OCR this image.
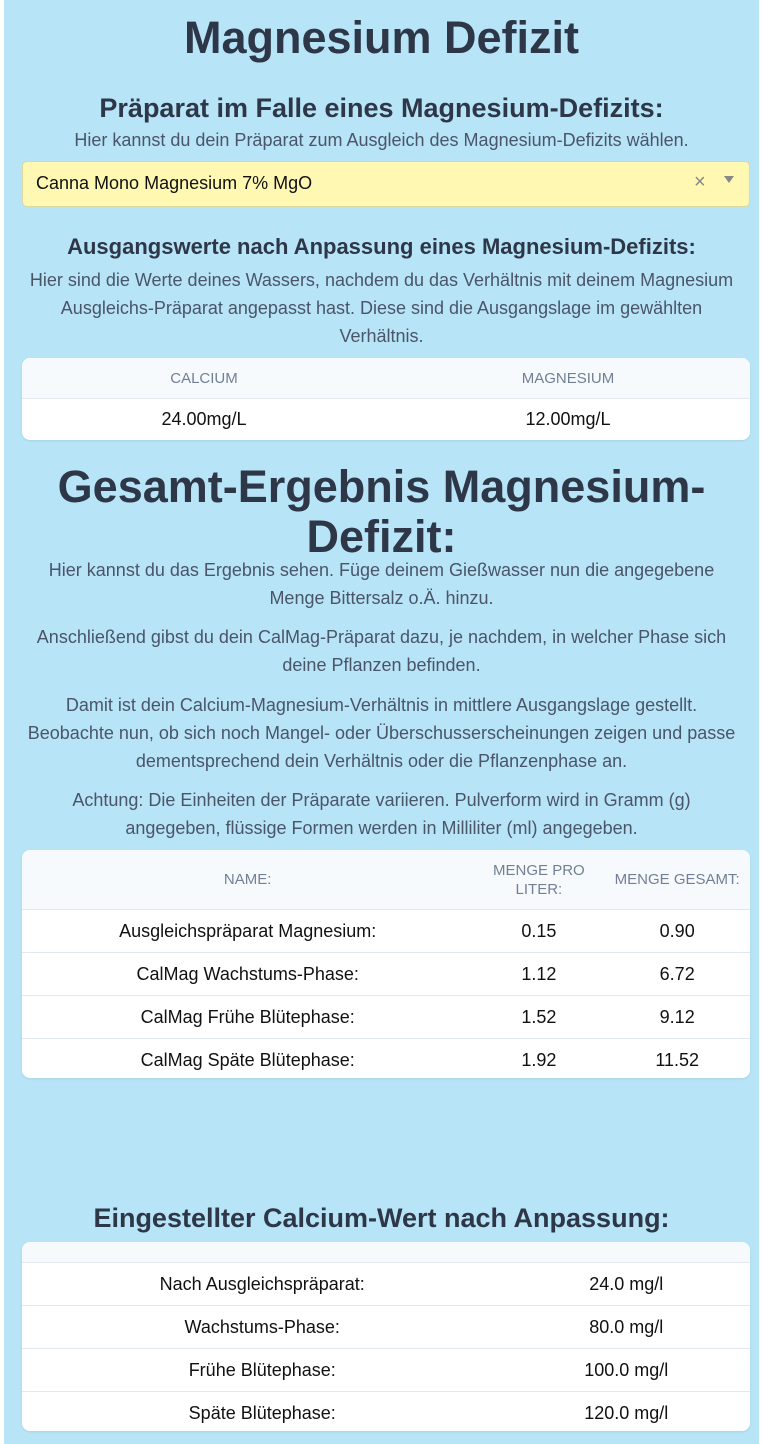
Magnesium Defizit
Präparat im Falle eines Magnesium-Defizits:
Hier kannst du dein Präparat zum Ausgleich des Magnesium-Defizits wählen.
Canna Mono Magnesium 7% MgO	×
Ausgangswerte nach Anpassung eines Magnesium-Defizits:
Hier sind die Werte deines Wassers, nachdem du das Verhältnis mit deinem Magnesium Ausgleichs-Präparat angepasst hast. Diese sind die Ausgangslage im gewählten Verhältnis.
CALCIUM	MAGNESIUM
24.00mg/L	12.00mg/L
Gesamt-Ergebnis Magnesium-Defizit:
Hier kannst du das Ergebnis sehen. Füge deinem Gießwasser nun die angegebene Menge Bittersalz o.Ä. hinzu.
Anschließend gibst du dein CalMag-Präparat dazu, je nachdem, in welcher Phase sich deine Pflanzen befinden.
Damit ist dein Calcium-Magnesium-Verhältnis in mittlere Ausgangslage gestellt. Beobachte nun, ob sich noch Mangel- oder Überschusserscheinungen zeigen und passe dementsprechend dein Verhältnis oder die Pflanzenphase an.
Achtung: Die Einheiten der Präparate variieren. Pulverform wird in Gramm (g) angegeben, flüssige Formen werden in Milliliter (ml) angegeben.
NAME:	MENGE PRO LITER:	MENGE GESAMT:
Ausgleichspräparat Magnesium:	0.15	0.90
CalMag Wachstums-Phase:	1.12	6.72
CalMag Frühe Blütephase:	1.52	9.12
CalMag Späte Blütephase:	1.92	11.52
Eingestellter Calcium-Wert nach Anpassung:

Nach Ausgleichspräparat:	24.0 mg/l
Wachstums-Phase:	80.0 mg/l
Frühe Blütephase:	100.0 mg/l
Späte Blütephase:	120.0 mg/l
